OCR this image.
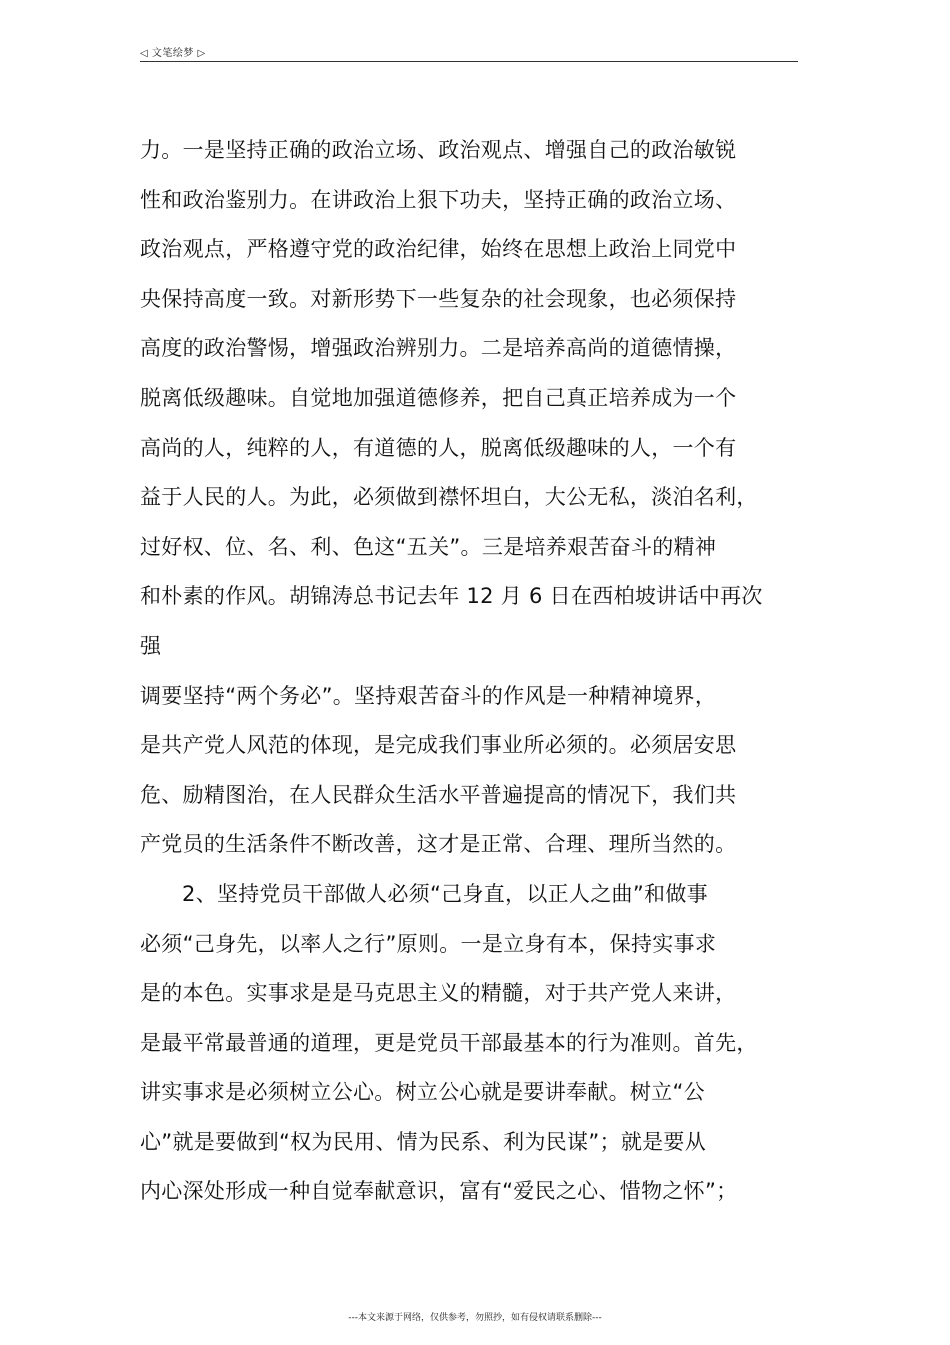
◁ 文笔绘梦 ▷
力。一是坚持正确的政治立场、政治观点、增强自己的政治敏锐
性和政治鉴别力。在讲政治上狠下功夫，坚持正确的政治立场、
政治观点，严格遵守党的政治纪律，始终在思想上政治上同党中
央保持高度一致。对新形势下一些复杂的社会现象，也必须保持
高度的政治警惕，增强政治辨别力。二是培养高尚的道德情操，
脱离低级趣味。自觉地加强道德修养，把自己真正培养成为一个
高尚的人，纯粹的人，有道德的人，脱离低级趣味的人，一个有
益于人民的人。为此，必须做到襟怀坦白，大公无私，淡泊名利，
过好权、位、名、利、色这“五关”。三是培养艰苦奋斗的精神
和朴素的作风。胡锦涛总书记去年 12 月 6 日在西柏坡讲话中再次
强
调要坚持“两个务必”。坚持艰苦奋斗的作风是一种精神境界，
是共产党人风范的体现，是完成我们事业所必须的。必须居安思
危、励精图治，在人民群众生活水平普遍提高的情况下，我们共
产党员的生活条件不断改善，这才是正常、合理、理所当然的。
2、坚持党员干部做人必须“己身直，以正人之曲”和做事
必须“己身先，以率人之行”原则。一是立身有本，保持实事求
是的本色。实事求是是马克思主义的精髓，对于共产党人来讲，
是最平常最普通的道理，更是党员干部最基本的行为准则。首先，
讲实事求是必须树立公心。树立公心就是要讲奉献。树立“公
心”就是要做到“权为民用、情为民系、利为民谋”；就是要从
内心深处形成一种自觉奉献意识，富有“爱民之心、惜物之怀”；
---本文来源于网络，仅供参考，勿照抄，如有侵权请联系删除---
